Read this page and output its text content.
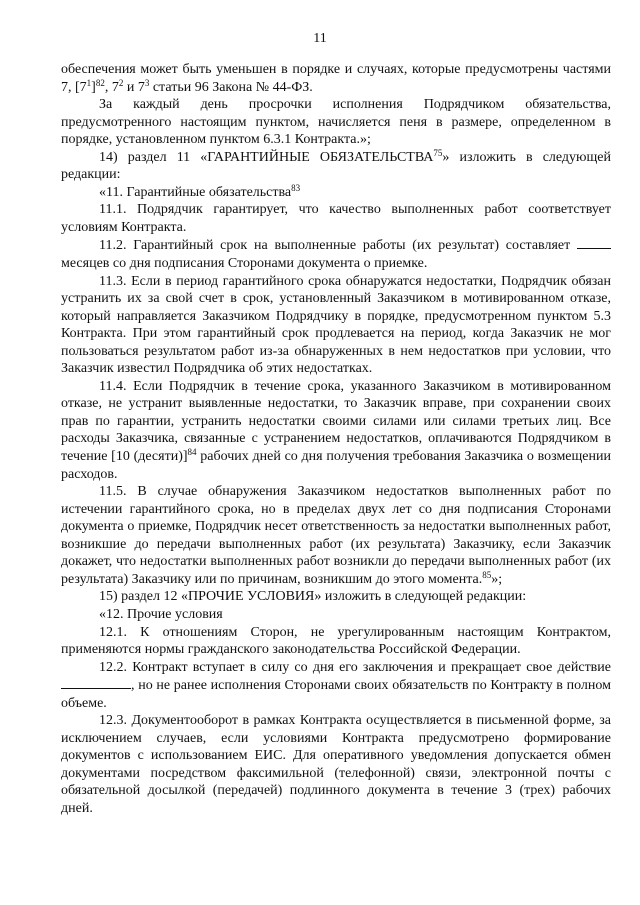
11

обеспечения может быть уменьшен в порядке и случаях, которые предусмотрены частями 7, $[7^1]^{82}$, $7^2$ и $7^3$ статьи 96 Закона № 44-ФЗ.

За каждый день просрочки исполнения Подрядчиком обязательства, предусмотренного настоящим пунктом, начисляется пеня в размере, определенном в порядке, установленном пунктом 6.3.1 Контракта.»;

14) раздел 11 «ГАРАНТИЙНЫЕ ОБЯЗАТЕЛЬСТВА$^{75}$» изложить в следующей редакции:

«11. Гарантийные обязательства$^{83}$

11.1. Подрядчик гарантирует, что качество выполненных работ соответствует условиям Контракта.

11.2. Гарантийный срок на выполненные работы (их результат) составляет  месяцев со дня подписания Сторонами документа о приемке.

11.3. Если в период гарантийного срока обнаружатся недостатки, Подрядчик обязан устранить их за свой счет в срок, установленный Заказчиком в мотивированном отказе, который направляется Заказчиком Подрядчику в порядке, предусмотренном пунктом 5.3 Контракта. При этом гарантийный срок продлевается на период, когда Заказчик не мог пользоваться результатом работ из-за обнаруженных в нем недостатков при условии, что Заказчик известил Подрядчика об этих недостатках.

11.4. Если Подрядчик в течение срока, указанного Заказчиком в мотивированном отказе, не устранит выявленные недостатки, то Заказчик вправе, при сохранении своих прав по гарантии, устранить недостатки своими силами или силами третьих лиц. Все расходы Заказчика, связанные с устранением недостатков, оплачиваются Подрядчиком в течение [10 (десяти)]$^{84}$ рабочих дней со дня получения требования Заказчика о возмещении расходов.

11.5. В случае обнаружения Заказчиком недостатков выполненных работ по истечении гарантийного срока, но в пределах двух лет со дня подписания Сторонами документа о приемке, Подрядчик несет ответственность за недостатки выполненных работ, возникшие до передачи выполненных работ (их результата) Заказчику, если Заказчик докажет, что недостатки выполненных работ возникли до передачи выполненных работ (их результата) Заказчику или по причинам, возникшим до этого момента.$^{85}$»;

15) раздел 12 «ПРОЧИЕ УСЛОВИЯ» изложить в следующей редакции:

«12. Прочие условия

12.1. К отношениям Сторон, не урегулированным настоящим Контрактом, применяются нормы гражданского законодательства Российской Федерации.

12.2. Контракт вступает в силу со дня его заключения и прекращает свое действие , но не ранее исполнения Сторонами своих обязательств по Контракту в полном объеме.

12.3. Документооборот в рамках Контракта осуществляется в письменной форме, за исключением случаев, если условиями Контракта предусмотрено формирование документов с использованием ЕИС. Для оперативного уведомления допускается обмен документами посредством факсимильной (телефонной) связи, электронной почты с обязательной досылкой (передачей) подлинного документа в течение 3 (трех) рабочих дней.
